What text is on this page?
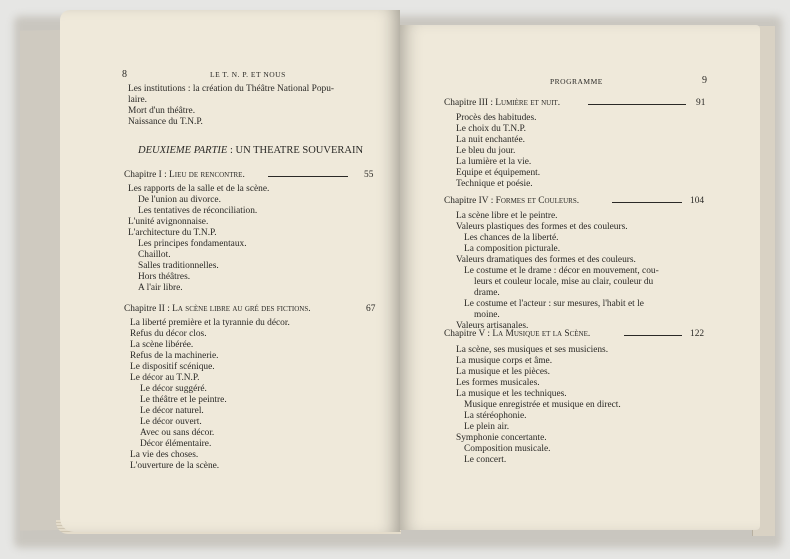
8	LE T. N. P. ET NOUS
Les institutions : la création du Théâtre National Popu-
laire.
Mort d'un théâtre.
Naissance du T.N.P.
DEUXIEME PARTIE : UN THEATRE SOUVERAIN
Chapitre I : Lieu de rencontre.	55
Les rapports de la salle et de la scène.
De l'union au divorce.
Les tentatives de réconciliation.
L'unité avignonnaise.
L'architecture du T.N.P.
Les principes fondamentaux.
Chaillot.
Salles traditionnelles.
Hors théâtres.
A l'air libre.
Chapitre II : La scène libre au gré des fictions.	67
La liberté première et la tyrannie du décor.
Refus du décor clos.
La scène libérée.
Refus de la machinerie.
Le dispositif scénique.
Le décor au T.N.P.
Le décor suggéré.
Le théâtre et le peintre.
Le décor naturel.
Le décor ouvert.
Avec ou sans décor.
Décor élémentaire.
La vie des choses.
L'ouverture de la scène.
PROGRAMME	9
Chapitre III : Lumière et nuit.	91
Procès des habitudes.
Le choix du T.N.P.
La nuit enchantée.
Le bleu du jour.
La lumière et la vie.
Equipe et équipement.
Technique et poésie.
Chapitre IV : Formes et Couleurs.	104
La scène libre et le peintre.
Valeurs plastiques des formes et des couleurs.
Les chances de la liberté.
La composition picturale.
Valeurs dramatiques des formes et des couleurs.
Le costume et le drame : décor en mouvement, cou-
leurs et couleur locale, mise au clair, couleur du
drame.
Le costume et l'acteur : sur mesures, l'habit et le
moine.
Valeurs artisanales.
Chapitre V : La Musique et la Scène.	122
La scène, ses musiques et ses musiciens.
La musique corps et âme.
La musique et les pièces.
Les formes musicales.
La musique et les techniques.
Musique enregistrée et musique en direct.
La stéréophonie.
Le plein air.
Symphonie concertante.
Composition musicale.
Le concert.
